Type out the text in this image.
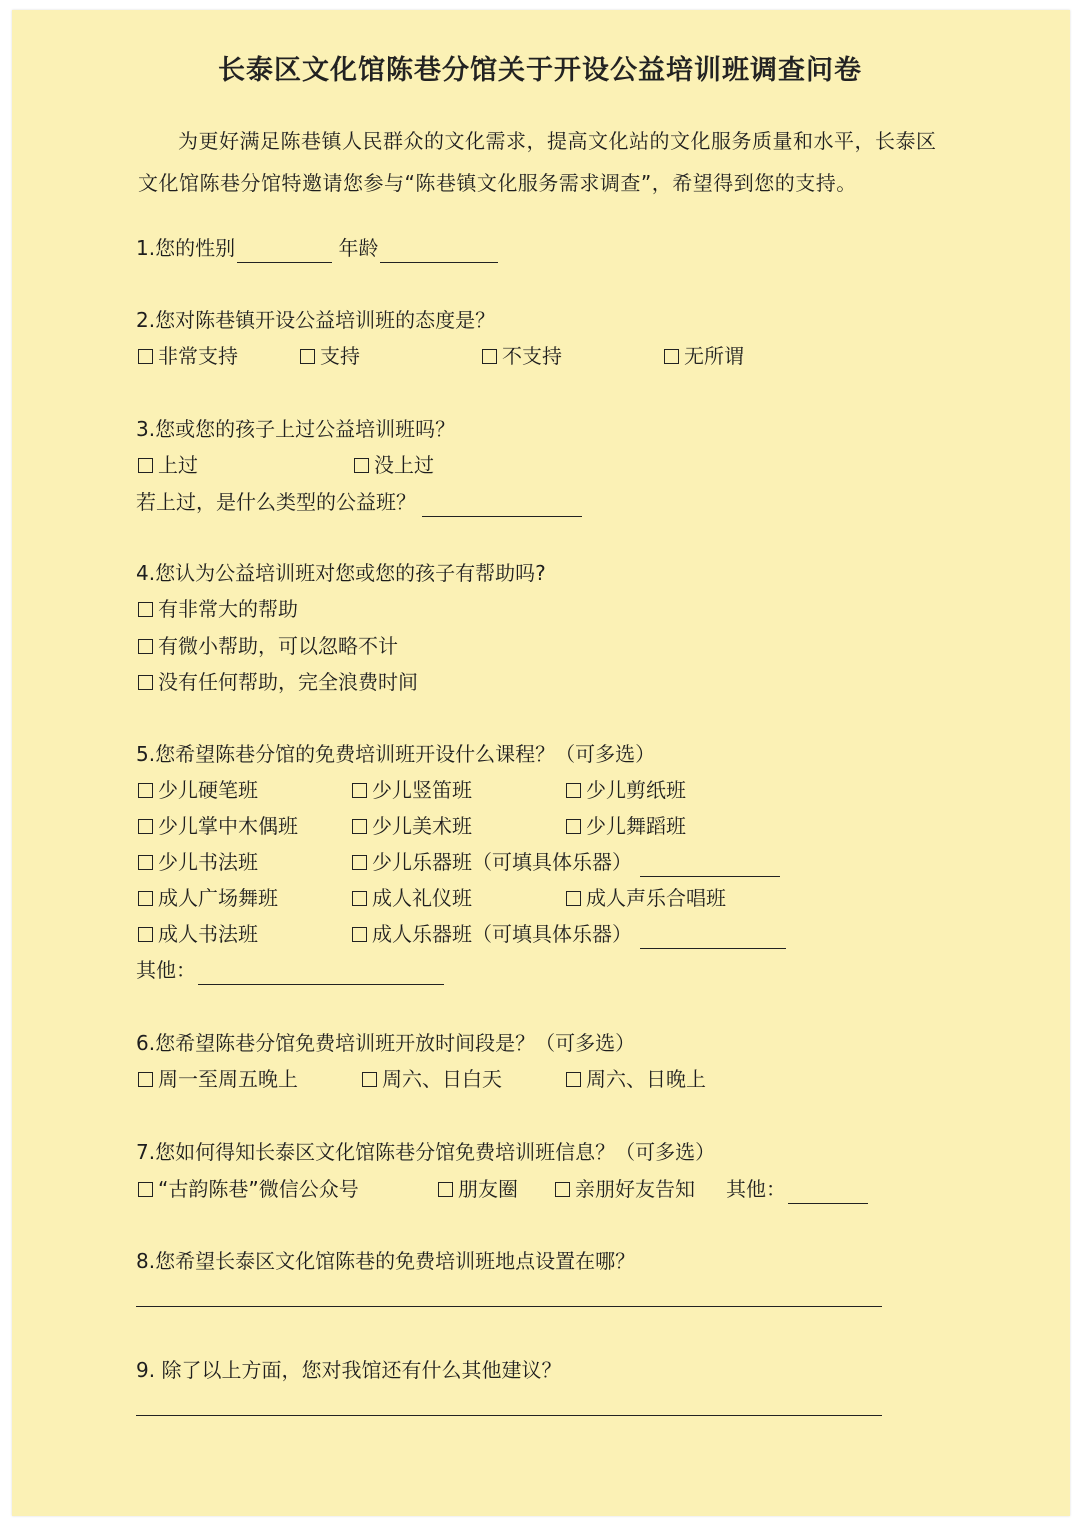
长泰区文化馆陈巷分馆关于开设公益培训班调查问卷
为更好满足陈巷镇人民群众的文化需求，提高文化站的文化服务质量和水平，长泰区文化馆陈巷分馆特邀请您参与“陈巷镇文化服务需求调查”，希望得到您的支持。
1.您的性别	年龄
2.您对陈巷镇开设公益培训班的态度是？
非常支持	支持	不支持	无所谓
3.您或您的孩子上过公益培训班吗？
上过	没上过
若上过，是什么类型的公益班？
4.您认为公益培训班对您或您的孩子有帮助吗?
有非常大的帮助
有微小帮助，可以忽略不计
没有任何帮助，完全浪费时间
5.您希望陈巷分馆的免费培训班开设什么课程？（可多选）
少儿硬笔班	少儿竖笛班	少儿剪纸班
少儿掌中木偶班	少儿美术班	少儿舞蹈班
少儿书法班	少儿乐器班（可填具体乐器）
成人广场舞班	成人礼仪班	成人声乐合唱班
成人书法班	成人乐器班（可填具体乐器）
其他：
6.您希望陈巷分馆免费培训班开放时间段是？（可多选）
周一至周五晚上	周六、日白天	周六、日晚上
7.您如何得知长泰区文化馆陈巷分馆免费培训班信息？（可多选）
“古韵陈巷”微信公众号	朋友圈	亲朋好友告知 其他：
8.您希望长泰区文化馆陈巷的免费培训班地点设置在哪？
9. 除了以上方面，您对我馆还有什么其他建议？
